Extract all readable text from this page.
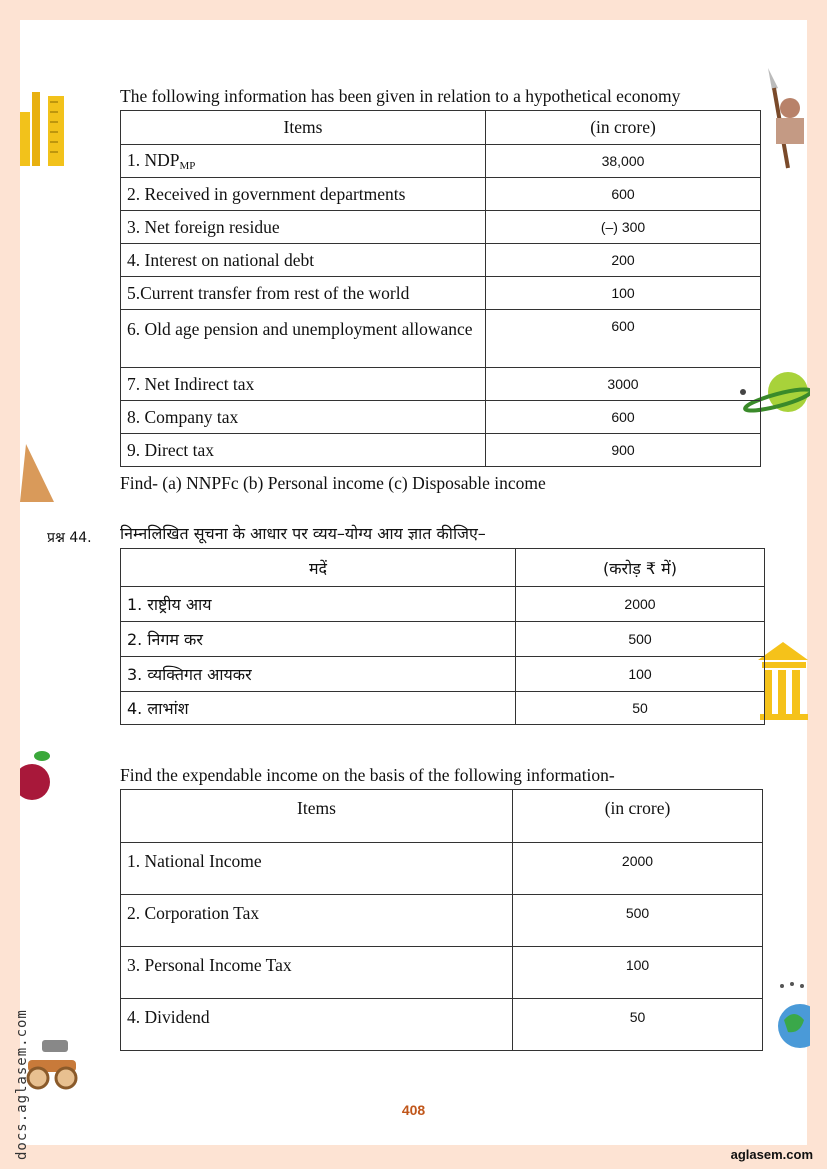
docs.aglasem.com
The following information has been given in relation to a hypothetical economy
Items	(in crore)
1. $NDP_{MP}$	38,000
2. Received in government departments	600
3. Net foreign residue	(–) 300
4. Interest on national debt	200
5.Current transfer from rest of the world	100
6. Old age pension and unemployment allowance	600
7. Net Indirect tax	3000
8. Company tax	600
9. Direct tax	900
Find- (a) NNPFc (b) Personal income (c) Disposable income
प्रश्न 44. निम्नलिखित सूचना के आधार पर व्यय–योग्य आय ज्ञात कीजिए–
मदें	(करोड़ ₹ में)
1. राष्ट्रीय आय	2000
2. निगम कर	500
3. व्यक्तिगत आयकर	100
4. लाभांश	50
Find the expendable income on the basis of the following information-
Items	(in crore)
1. National Income	2000
2. Corporation Tax	500
3. Personal Income Tax	100
4. Dividend	50
408
aglasem.com
